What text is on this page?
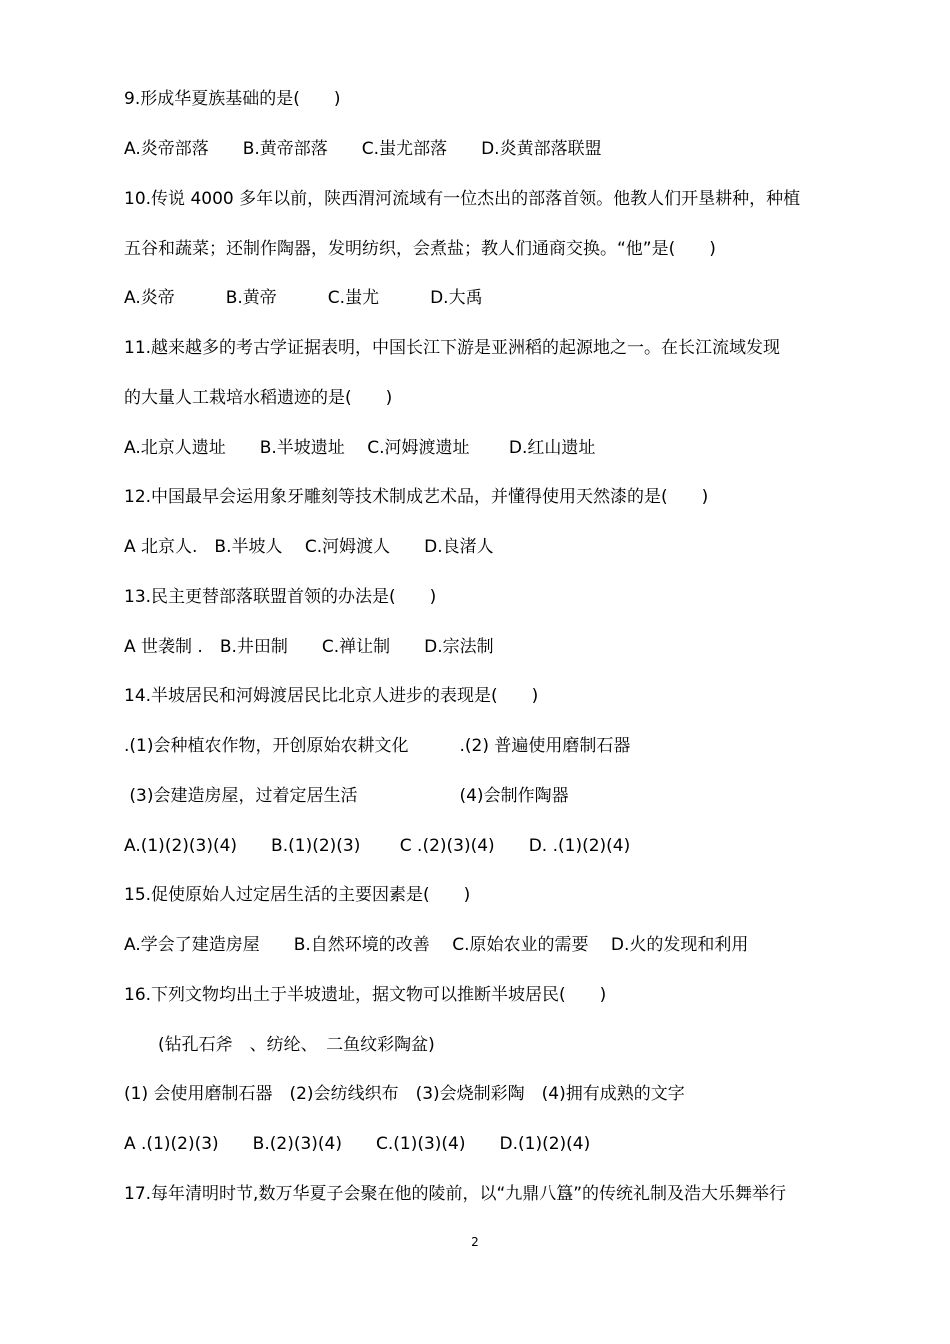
9.形成华夏族基础的是(　　)
A.炎帝部落　　B.黄帝部落　　C.蚩尤部落　　D.炎黄部落联盟
10.传说 4000 多年以前，陕西渭河流域有一位杰出的部落首领。他教人们开垦耕种，种植
五谷和蔬菜；还制作陶器，发明纺织，会煮盐；教人们通商交换。“他”是(　　)
A.炎帝　　　B.黄帝　　　C.蚩尤　　　D.大禹
11.越来越多的考古学证据表明，中国长江下游是亚洲稻的起源地之一。在长江流域发现
的大量人工栽培水稻遗迹的是(　　)
A.北京人遗址　　B.半坡遗址　 C.河姆渡遗址　　 D.红山遗址
12.中国最早会运用象牙雕刻等技术制成艺术品，并懂得使用天然漆的是(　　)
A 北京人.　B.半坡人　 C.河姆渡人　　D.良渚人
13.民主更替部落联盟首领的办法是(　　)
A 世袭制 .　B.井田制　　C.禅让制　　D.宗法制
14.半坡居民和河姆渡居民比北京人进步的表现是(　　)
.(1)会种植农作物，开创原始农耕文化　　　.(2) 普遍使用磨制石器
(3)会建造房屋，过着定居生活　　　　　　(4)会制作陶器
A.(1)(2)(3)(4)　　B.(1)(2)(3)　　 C .(2)(3)(4)　　D. .(1)(2)(4)
15.促使原始人过定居生活的主要因素是(　　)
A.学会了建造房屋　　B.自然环境的改善　 C.原始农业的需要　 D.火的发现和利用
16.下列文物均出土于半坡遗址，据文物可以推断半坡居民(　　)
　　(钻孔石斧　、纺纶、　二鱼纹彩陶盆)
(1) 会使用磨制石器　(2)会纺线织布　(3)会烧制彩陶　(4)拥有成熟的文字
A .(1)(2)(3)　　B.(2)(3)(4)　　C.(1)(3)(4)　　D.(1)(2)(4)
17.每年清明时节,数万华夏子会聚在他的陵前，以“九鼎八簋”的传统礼制及浩大乐舞举行
2
